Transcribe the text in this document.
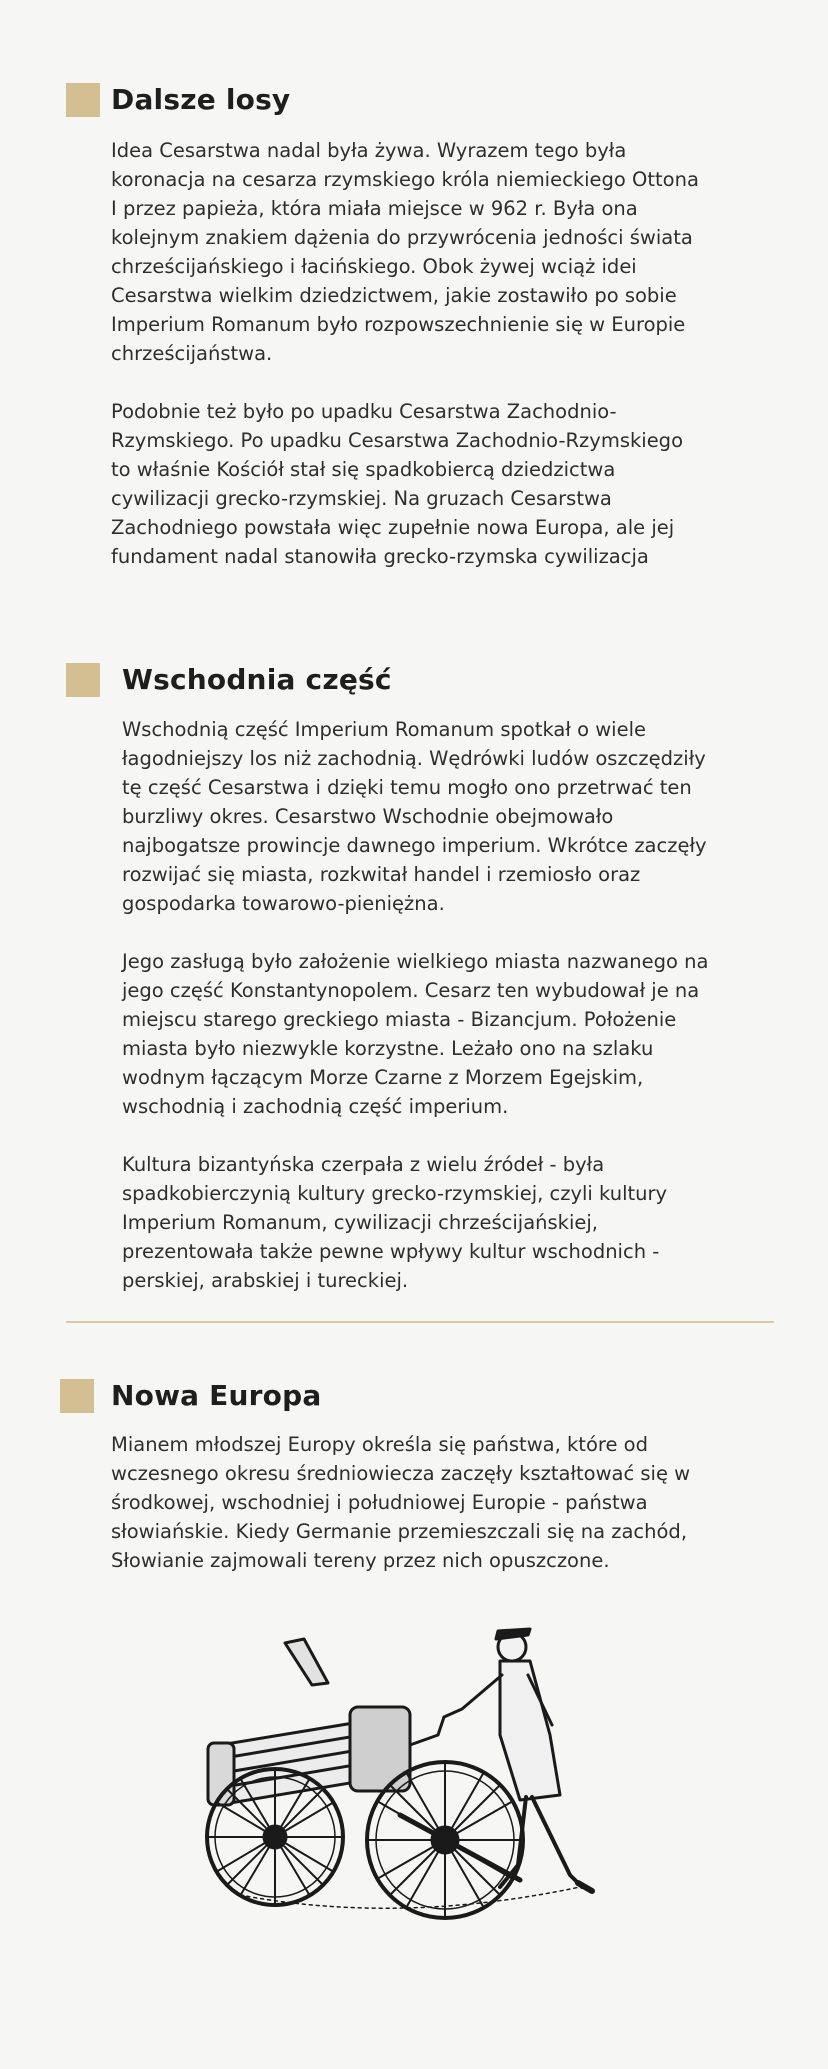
Dalsze losy

Idea Cesarstwa nadal była żywa. Wyrazem tego była
koronacja na cesarza rzymskiego króla niemieckiego Ottona
I przez papieża, która miała miejsce w 962 r. Była ona
kolejnym znakiem dążenia do przywrócenia jedności świata
chrześcijańskiego i łacińskiego. Obok żywej wciąż idei
Cesarstwa wielkim dziedzictwem, jakie zostawiło po sobie
Imperium Romanum było rozpowszechnienie się w Europie
chrześcijaństwa.

Podobnie też było po upadku Cesarstwa Zachodnio-
Rzymskiego. Po upadku Cesarstwa Zachodnio-Rzymskiego
to właśnie Kościół stał się spadkobiercą dziedzictwa
cywilizacji grecko-rzymskiej. Na gruzach Cesarstwa
Zachodniego powstała więc zupełnie nowa Europa, ale jej
fundament nadal stanowiła grecko-rzymska cywilizacja

Wschodnia część

Wschodnią część Imperium Romanum spotkał o wiele
łagodniejszy los niż zachodnią. Wędrówki ludów oszczędziły
tę część Cesarstwa i dzięki temu mogło ono przetrwać ten
burzliwy okres. Cesarstwo Wschodnie obejmowało
najbogatsze prowincje dawnego imperium. Wkrótce zaczęły
rozwijać się miasta, rozkwitał handel i rzemiosło oraz
gospodarka towarowo-pieniężna.

Jego zasługą było założenie wielkiego miasta nazwanego na
jego część Konstantynopolem. Cesarz ten wybudował je na
miejscu starego greckiego miasta - Bizancjum. Położenie
miasta było niezwykle korzystne. Leżało ono na szlaku
wodnym łączącym Morze Czarne z Morzem Egejskim,
wschodnią i zachodnią część imperium.

Kultura bizantyńska czerpała z wielu źródeł - była
spadkobierczynią kultury grecko-rzymskiej, czyli kultury
Imperium Romanum, cywilizacji chrześcijańskiej,
prezentowała także pewne wpływy kultur wschodnich -
perskiej, arabskiej i tureckiej.

Nowa Europa

Mianem młodszej Europy określa się państwa, które od
wczesnego okresu średniowiecza zaczęły kształtować się w
środkowej, wschodniej i południowej Europie - państwa
słowiańskie. Kiedy Germanie przemieszczali się na zachód,
Słowianie zajmowali tereny przez nich opuszczone.
